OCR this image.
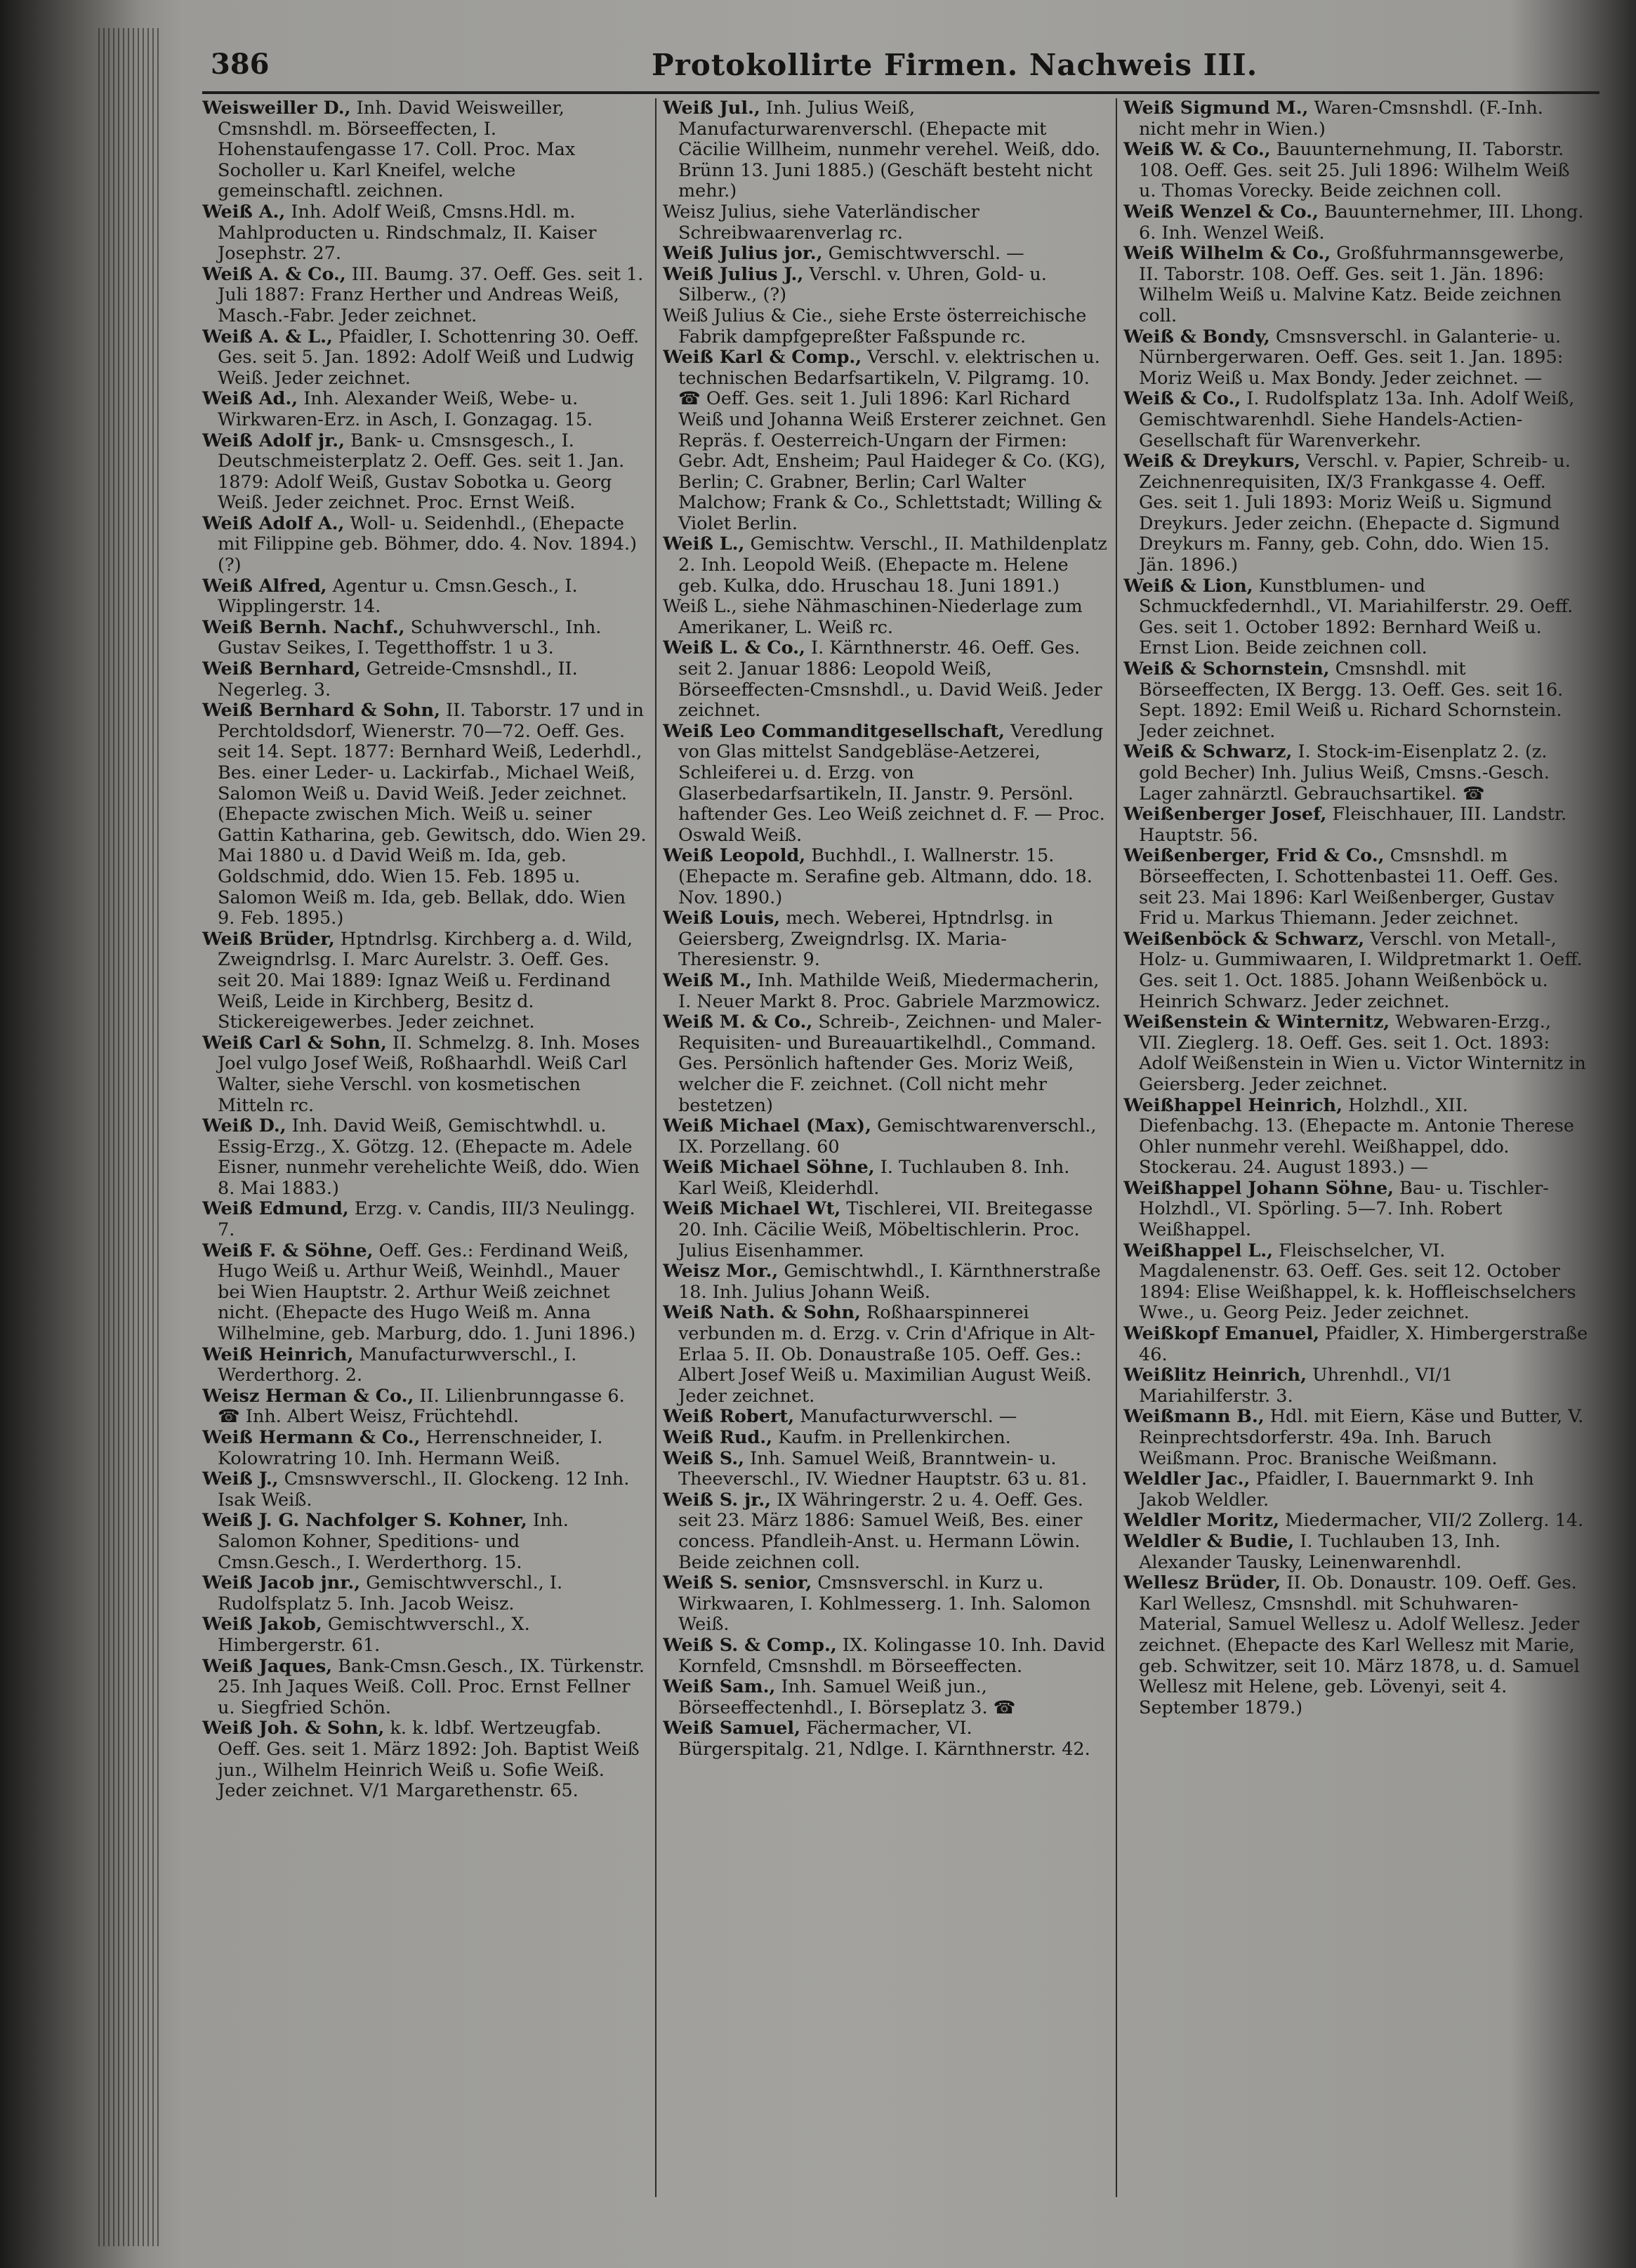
386	Protokollirte Firmen. Nachweis III.

Weisweiller D., Inh. David Weisweiller, Cmsnshdl. m. Börseeffecten, I. Hohenstaufengasse 17. Coll. Proc. Max Socholler u. Karl Kneifel, welche gemeinschaftl. zeichnen.

Weiß A., Inh. Adolf Weiß, Cmsns.Hdl. m. Mahlproducten u. Rindschmalz, II. Kaiser Josephstr. 27.

Weiß A. & Co., III. Baumg. 37. Oeff. Ges. seit 1. Juli 1887: Franz Herther und Andreas Weiß, Masch.-Fabr. Jeder zeichnet.

Weiß A. & L., Pfaidler, I. Schottenring 30. Oeff. Ges. seit 5. Jan. 1892: Adolf Weiß und Ludwig Weiß. Jeder zeichnet.

Weiß Ad., Inh. Alexander Weiß, Webe- u. Wirkwaren-Erz. in Asch, I. Gonzagag. 15.

Weiß Adolf jr., Bank- u. Cmsnsgesch., I. Deutschmeisterplatz 2. Oeff. Ges. seit 1. Jan. 1879: Adolf Weiß, Gustav Sobotka u. Georg Weiß. Jeder zeichnet. Proc. Ernst Weiß.

Weiß Adolf A., Woll- u. Seidenhdl., (Ehepacte mit Filippine geb. Böhmer, ddo. 4. Nov. 1894.) (?)

Weiß Alfred, Agentur u. Cmsn.Gesch., I. Wipplingerstr. 14.

Weiß Bernh. Nachf., Schuhwverschl., Inh. Gustav Seikes, I. Tegetthoffstr. 1 u 3.

Weiß Bernhard, Getreide-Cmsnshdl., II. Negerleg. 3.

Weiß Bernhard & Sohn, II. Taborstr. 17 und in Perchtoldsdorf, Wienerstr. 70—72. Oeff. Ges. seit 14. Sept. 1877: Bernhard Weiß, Lederhdl., Bes. einer Leder- u. Lackirfab., Michael Weiß, Salomon Weiß u. David Weiß. Jeder zeichnet. (Ehepacte zwischen Mich. Weiß u. seiner Gattin Katharina, geb. Gewitsch, ddo. Wien 29. Mai 1880 u. d David Weiß m. Ida, geb. Goldschmid, ddo. Wien 15. Feb. 1895 u. Salomon Weiß m. Ida, geb. Bellak, ddo. Wien 9. Feb. 1895.)

Weiß Brüder, Hptndrlsg. Kirchberg a. d. Wild, Zweigndrlsg. I. Marc Aurelstr. 3. Oeff. Ges. seit 20. Mai 1889: Ignaz Weiß u. Ferdinand Weiß, Leide in Kirchberg, Besitz d. Stickereigewerbes. Jeder zeichnet.

Weiß Carl & Sohn, II. Schmelzg. 8. Inh. Moses Joel vulgo Josef Weiß, Roßhaarhdl. Weiß Carl Walter, siehe Verschl. von kosmetischen Mitteln rc.

Weiß D., Inh. David Weiß, Gemischtwhdl. u. Essig-Erzg., X. Götzg. 12. (Ehepacte m. Adele Eisner, nunmehr verehelichte Weiß, ddo. Wien 8. Mai 1883.)

Weiß Edmund, Erzg. v. Candis, III/3 Neulingg. 7.

Weiß F. & Söhne, Oeff. Ges.: Ferdinand Weiß, Hugo Weiß u. Arthur Weiß, Weinhdl., Mauer bei Wien Hauptstr. 2. Arthur Weiß zeichnet nicht. (Ehepacte des Hugo Weiß m. Anna Wilhelmine, geb. Marburg, ddo. 1. Juni 1896.)

Weiß Heinrich, Manufacturwverschl., I. Werderthorg. 2.

Weisz Herman & Co., II. Lilienbrunngasse 6. ☎ Inh. Albert Weisz, Früchtehdl.

Weiß Hermann & Co., Herrenschneider, I. Kolowratring 10. Inh. Hermann Weiß.

Weiß J., Cmsnswverschl., II. Glockeng. 12 Inh. Isak Weiß.

Weiß J. G. Nachfolger S. Kohner, Inh. Salomon Kohner, Speditions- und Cmsn.Gesch., I. Werderthorg. 15.

Weiß Jacob jnr., Gemischtwverschl., I. Rudolfsplatz 5. Inh. Jacob Weisz.

Weiß Jakob, Gemischtwverschl., X. Himbergerstr. 61.

Weiß Jaques, Bank-Cmsn.Gesch., IX. Türkenstr. 25. Inh Jaques Weiß. Coll. Proc. Ernst Fellner u. Siegfried Schön.

Weiß Joh. & Sohn, k. k. ldbf. Wertzeugfab. Oeff. Ges. seit 1. März 1892: Joh. Baptist Weiß jun., Wilhelm Heinrich Weiß u. Sofie Weiß. Jeder zeichnet. V/1 Margarethenstr. 65.

Weiß Jul., Inh. Julius Weiß, Manufacturwarenverschl. (Ehepacte mit Cäcilie Willheim, nunmehr verehel. Weiß, ddo. Brünn 13. Juni 1885.) (Geschäft besteht nicht mehr.)

Weisz Julius, siehe Vaterländischer Schreibwaarenverlag rc.

Weiß Julius jor., Gemischtwverschl. —

Weiß Julius J., Verschl. v. Uhren, Gold- u. Silberw., (?)

Weiß Julius & Cie., siehe Erste österreichische Fabrik dampfgepreßter Faßspunde rc.

Weiß Karl & Comp., Verschl. v. elektrischen u. technischen Bedarfsartikeln, V. Pilgramg. 10. ☎ Oeff. Ges. seit 1. Juli 1896: Karl Richard Weiß und Johanna Weiß Ersterer zeichnet. Gen Repräs. f. Oesterreich-Ungarn der Firmen: Gebr. Adt, Ensheim; Paul Haideger & Co. (KG), Berlin; C. Grabner, Berlin; Carl Walter Malchow; Frank & Co., Schlettstadt; Willing & Violet Berlin.

Weiß L., Gemischtw. Verschl., II. Mathildenplatz 2. Inh. Leopold Weiß. (Ehepacte m. Helene geb. Kulka, ddo. Hruschau 18. Juni 1891.)

Weiß L., siehe Nähmaschinen-Niederlage zum Amerikaner, L. Weiß rc.

Weiß L. & Co., I. Kärnthnerstr. 46. Oeff. Ges. seit 2. Januar 1886: Leopold Weiß, Börseeffecten-Cmsnshdl., u. David Weiß. Jeder zeichnet.

Weiß Leo Commanditgesellschaft, Veredlung von Glas mittelst Sandgebläse-Aetzerei, Schleiferei u. d. Erzg. von Glaserbedarfsartikeln, II. Janstr. 9. Persönl. haftender Ges. Leo Weiß zeichnet d. F. — Proc. Oswald Weiß.

Weiß Leopold, Buchhdl., I. Wallnerstr. 15. (Ehepacte m. Serafine geb. Altmann, ddo. 18. Nov. 1890.)

Weiß Louis, mech. Weberei, Hptndrlsg. in Geiersberg, Zweigndrlsg. IX. Maria-Theresienstr. 9.

Weiß M., Inh. Mathilde Weiß, Miedermacherin, I. Neuer Markt 8. Proc. Gabriele Marzmowicz.

Weiß M. & Co., Schreib-, Zeichnen- und Maler-Requisiten- und Bureauartikelhdl., Command. Ges. Persönlich haftender Ges. Moriz Weiß, welcher die F. zeichnet. (Coll nicht mehr bestetzen)

Weiß Michael (Max), Gemischtwarenverschl., IX. Porzellang. 60

Weiß Michael Söhne, I. Tuchlauben 8. Inh. Karl Weiß, Kleiderhdl.

Weiß Michael Wt, Tischlerei, VII. Breitegasse 20. Inh. Cäcilie Weiß, Möbeltischlerin. Proc. Julius Eisenhammer.

Weisz Mor., Gemischtwhdl., I. Kärnthnerstraße 18. Inh. Julius Johann Weiß.

Weiß Nath. & Sohn, Roßhaarspinnerei verbunden m. d. Erzg. v. Crin d'Afrique in Alt-Erlaa 5. II. Ob. Donaustraße 105. Oeff. Ges.: Albert Josef Weiß u. Maximilian August Weiß. Jeder zeichnet.

Weiß Robert, Manufacturwverschl. —

Weiß Rud., Kaufm. in Prellenkirchen.

Weiß S., Inh. Samuel Weiß, Branntwein- u. Theeverschl., IV. Wiedner Hauptstr. 63 u. 81.

Weiß S. jr., IX Währingerstr. 2 u. 4. Oeff. Ges. seit 23. März 1886: Samuel Weiß, Bes. einer concess. Pfandleih-Anst. u. Hermann Löwin. Beide zeichnen coll.

Weiß S. senior, Cmsnsverschl. in Kurz u. Wirkwaaren, I. Kohlmesserg. 1. Inh. Salomon Weiß.

Weiß S. & Comp., IX. Kolingasse 10. Inh. David Kornfeld, Cmsnshdl. m Börseeffecten.

Weiß Sam., Inh. Samuel Weiß jun., Börseeffectenhdl., I. Börseplatz 3. ☎

Weiß Samuel, Fächermacher, VI. Bürgerspitalg. 21, Ndlge. I. Kärnthnerstr. 42.

Weiß Sigmund M., Waren-Cmsnshdl. (F.-Inh. nicht mehr in Wien.)

Weiß W. & Co., Bauunternehmung, II. Taborstr. 108. Oeff. Ges. seit 25. Juli 1896: Wilhelm Weiß u. Thomas Vorecky. Beide zeichnen coll.

Weiß Wenzel & Co., Bauunternehmer, III. Lhong. 6. Inh. Wenzel Weiß.

Weiß Wilhelm & Co., Großfuhrmannsgewerbe, II. Taborstr. 108. Oeff. Ges. seit 1. Jän. 1896: Wilhelm Weiß u. Malvine Katz. Beide zeichnen coll.

Weiß & Bondy, Cmsnsverschl. in Galanterie- u. Nürnbergerwaren. Oeff. Ges. seit 1. Jan. 1895: Moriz Weiß u. Max Bondy. Jeder zeichnet. —

Weiß & Co., I. Rudolfsplatz 13a. Inh. Adolf Weiß, Gemischtwarenhdl. Siehe Handels-Actien-Gesellschaft für Warenverkehr.

Weiß & Dreykurs, Verschl. v. Papier, Schreib- u. Zeichnenrequisiten, IX/3 Frankgasse 4. Oeff. Ges. seit 1. Juli 1893: Moriz Weiß u. Sigmund Dreykurs. Jeder zeichn. (Ehepacte d. Sigmund Dreykurs m. Fanny, geb. Cohn, ddo. Wien 15. Jän. 1896.)

Weiß & Lion, Kunstblumen- und Schmuckfedernhdl., VI. Mariahilferstr. 29. Oeff. Ges. seit 1. October 1892: Bernhard Weiß u. Ernst Lion. Beide zeichnen coll.

Weiß & Schornstein, Cmsnshdl. mit Börseeffecten, IX Bergg. 13. Oeff. Ges. seit 16. Sept. 1892: Emil Weiß u. Richard Schornstein. Jeder zeichnet.

Weiß & Schwarz, I. Stock-im-Eisenplatz 2. (z. gold Becher) Inh. Julius Weiß, Cmsns.-Gesch. Lager zahnärztl. Gebrauchsartikel. ☎

Weißenberger Josef, Fleischhauer, III. Landstr. Hauptstr. 56.

Weißenberger, Frid & Co., Cmsnshdl. m Börseeffecten, I. Schottenbastei 11. Oeff. Ges. seit 23. Mai 1896: Karl Weißenberger, Gustav Frid u. Markus Thiemann. Jeder zeichnet.

Weißenböck & Schwarz, Verschl. von Metall-, Holz- u. Gummiwaaren, I. Wildpretmarkt 1. Oeff. Ges. seit 1. Oct. 1885. Johann Weißenböck u. Heinrich Schwarz. Jeder zeichnet.

Weißenstein & Winternitz, Webwaren-Erzg., VII. Zieglerg. 18. Oeff. Ges. seit 1. Oct. 1893: Adolf Weißenstein in Wien u. Victor Winternitz in Geiersberg. Jeder zeichnet.

Weißhappel Heinrich, Holzhdl., XII. Diefenbachg. 13. (Ehepacte m. Antonie Therese Ohler nunmehr verehl. Weißhappel, ddo. Stockerau. 24. August 1893.) —

Weißhappel Johann Söhne, Bau- u. Tischler-Holzhdl., VI. Spörling. 5—7. Inh. Robert Weißhappel.

Weißhappel L., Fleischselcher, VI. Magdalenenstr. 63. Oeff. Ges. seit 12. October 1894: Elise Weißhappel, k. k. Hoffleischselchers Wwe., u. Georg Peiz. Jeder zeichnet.

Weißkopf Emanuel, Pfaidler, X. Himbergerstraße 46.

Weißlitz Heinrich, Uhrenhdl., VI/1 Mariahilferstr. 3.

Weißmann B., Hdl. mit Eiern, Käse und Butter, V. Reinprechtsdorferstr. 49a. Inh. Baruch Weißmann. Proc. Branische Weißmann.

Weldler Jac., Pfaidler, I. Bauernmarkt 9. Inh Jakob Weldler.

Weldler Moritz, Miedermacher, VII/2 Zollerg. 14.

Weldler & Budie, I. Tuchlauben 13, Inh. Alexander Tausky, Leinenwarenhdl.

Wellesz Brüder, II. Ob. Donaustr. 109. Oeff. Ges. Karl Wellesz, Cmsnshdl. mit Schuhwaren-Material, Samuel Wellesz u. Adolf Wellesz. Jeder zeichnet. (Ehepacte des Karl Wellesz mit Marie, geb. Schwitzer, seit 10. März 1878, u. d. Samuel Wellesz mit Helene, geb. Lövenyi, seit 4. September 1879.)
